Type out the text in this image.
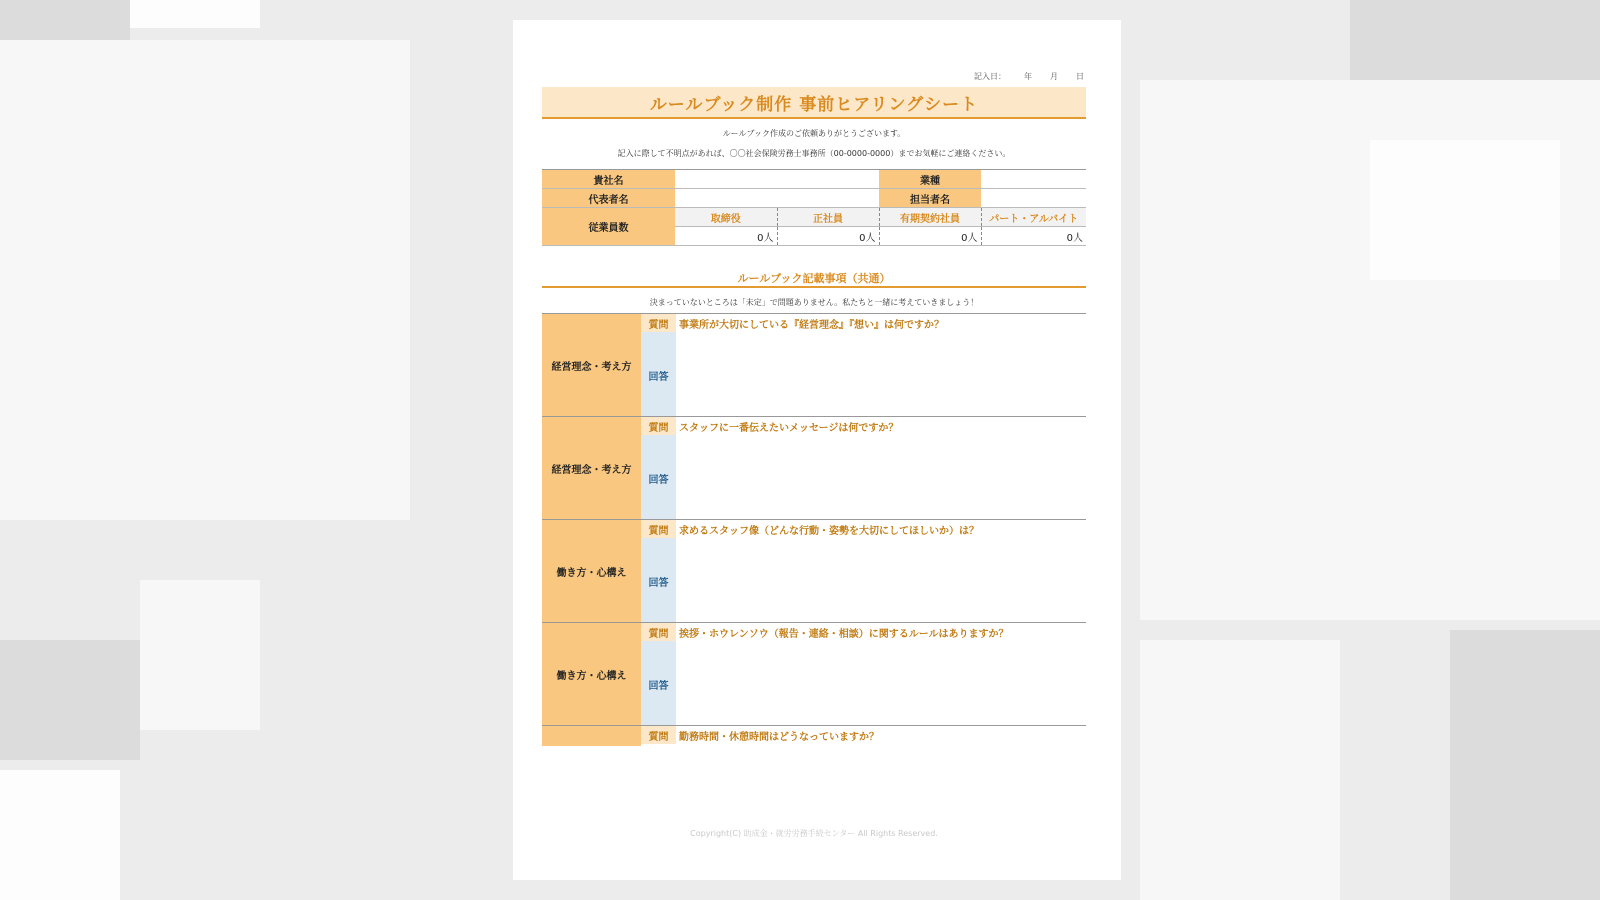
記入日： 年 月 日
ルールブック制作 事前ヒアリングシート
ルールブック作成のご依頼ありがとうございます。
記入に際して不明点があれば、〇〇社会保険労務士事務所（00-0000-0000）までお気軽にご連絡ください。
貴社名			業種	
代表者名			担当者名	
従業員数	取締役	正社員	有期契約社員	パート・アルバイト
	0人	0人	0人	0人
ルールブック記載事項（共通）
決まっていないところは「未定」で問題ありません。私たちと一緒に考えていきましょう！
経営理念・考え方
質問	事業所が大切にしている『経営理念』『想い』は何ですか？
回答
経営理念・考え方
質問	スタッフに一番伝えたいメッセージは何ですか？
回答
働き方・心構え
質問	求めるスタッフ像（どんな行動・姿勢を大切にしてほしいか）は？
回答
働き方・心構え
質問	挨拶・ホウレンソウ（報告・連絡・相談）に関するルールはありますか？
回答
質問	勤務時間・休憩時間はどうなっていますか？
Copyright(C) 助成金・就労労務手続センター All Rights Reserved.
